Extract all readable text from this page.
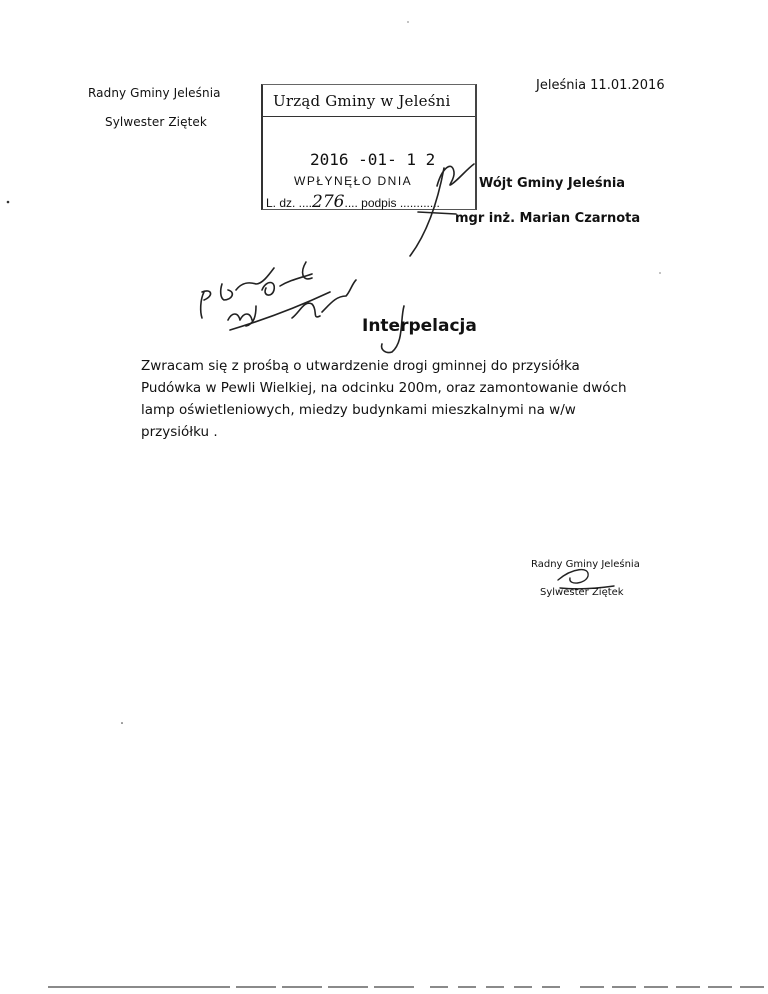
Radny Gminy Jeleśnia
Sylwester Ziętek
Jeleśnia 11.01.2016
Urząd Gminy w Jeleśni
2016 -01- 1 2
WPŁYNĘŁO DNIA
L. dz. ....276.... podpis ............
Wójt Gminy Jeleśnia
mgr inż. Marian Czarnota
Interpelacja

Zwracam się z prośbą o utwardzenie drogi gminnej do przysiółka

Pudówka w Pewli Wielkiej, na odcinku 200m, oraz zamontowanie dwóch

lamp oświetleniowych, miedzy budynkami mieszkalnymi na w/w

przysiółku .

Radny Gminy Jeleśnia
Sylwester Ziętek
